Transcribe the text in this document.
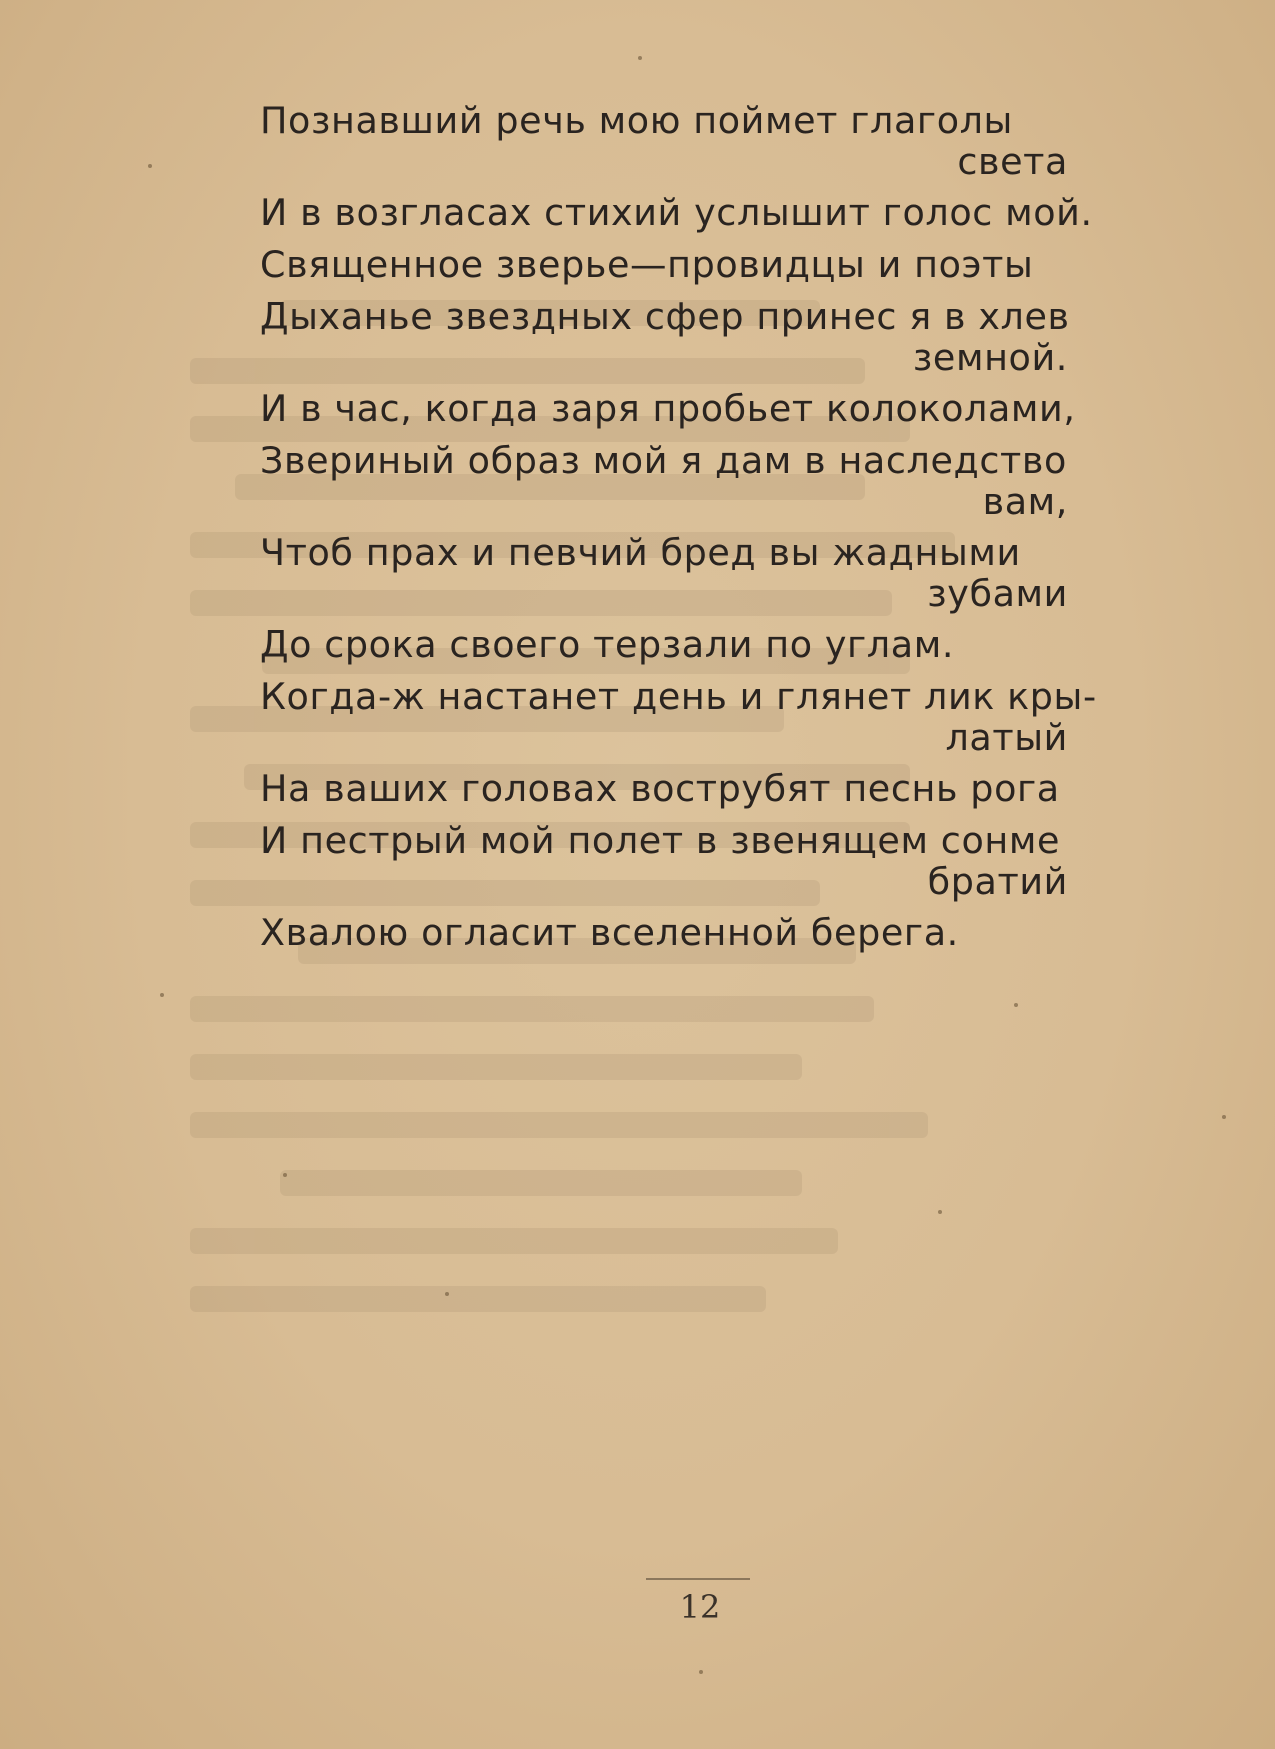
Познавший речь мою поймет глаголы
света
И в возгласах стихий услышит голос мой.
Священное зверье—провидцы и поэты
Дыханье звездных сфер принес я в хлев
земной.
И в час, когда заря пробьет колоколами,
Звериный образ мой я дам в наследство
вам,
Чтоб прах и певчий бред вы жадными
зубами
До срока своего терзали по углам.
Когда-ж настанет день и глянет лик кры-
латый
На ваших головах вострубят песнь рога
И пестрый мой полет в звенящем сонме
братий
Хвалою огласит вселенной берега.
12
